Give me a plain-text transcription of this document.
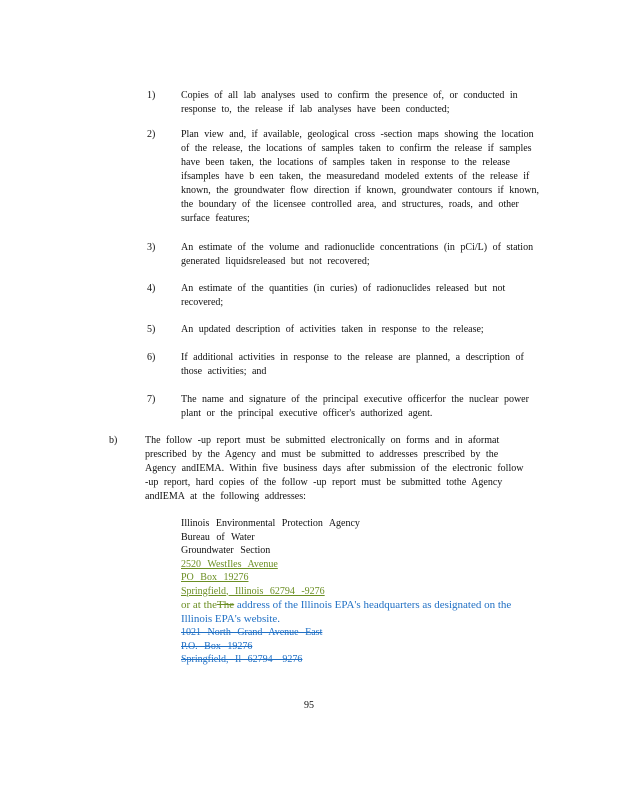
1)	Copies of all lab analyses used to confirm the presence of, or conducted in response to, the release if lab analyses have been conducted;
2)	Plan view and, if available, geological cross -section maps showing the location of the release, the locations of samples taken to confirm the release if samples have been taken, the locations of samples taken in response to the release ifsamples have b een taken, the measuredand modeled extents of the release if known, the groundwater flow direction if known, groundwater contours if known, the boundary of the licensee controlled area, and structures, roads, and other surface features;
3)	An estimate of the volume and radionuclide concentrations (in pCi/L) of station generated liquidsreleased but not recovered;
4)	An estimate of the quantities (in curies) of radionuclides released but not recovered;
5)	An updated description of activities taken in response to the release;
6)	If additional activities in response to the release are planned, a description of those activities; and
7)	The name and signature of the principal executive officerfor the nuclear power plant or the principal executive officer's authorized agent.
b)	The follow -up report must be submitted electronically on forms and in aformat prescribed by the Agency and must be submitted to addresses prescribed by the Agency andIEMA. Within five business days after submission of the electronic follow -up report, hard copies of the follow -up report must be submitted tothe Agency andIEMA at the following addresses:
Illinois Environmental Protection Agency
Bureau of Water
Groundwater Section
2520 WestIles Avenue
PO Box 19276
Springfield, Illinois 62794 -9276
or at theThe address of the Illinois EPA's headquarters as designated on the Illinois EPA's website.
1021 North Grand Avenue East
P.O. Box 19276
Springfield, Il 62794 -9276
95
